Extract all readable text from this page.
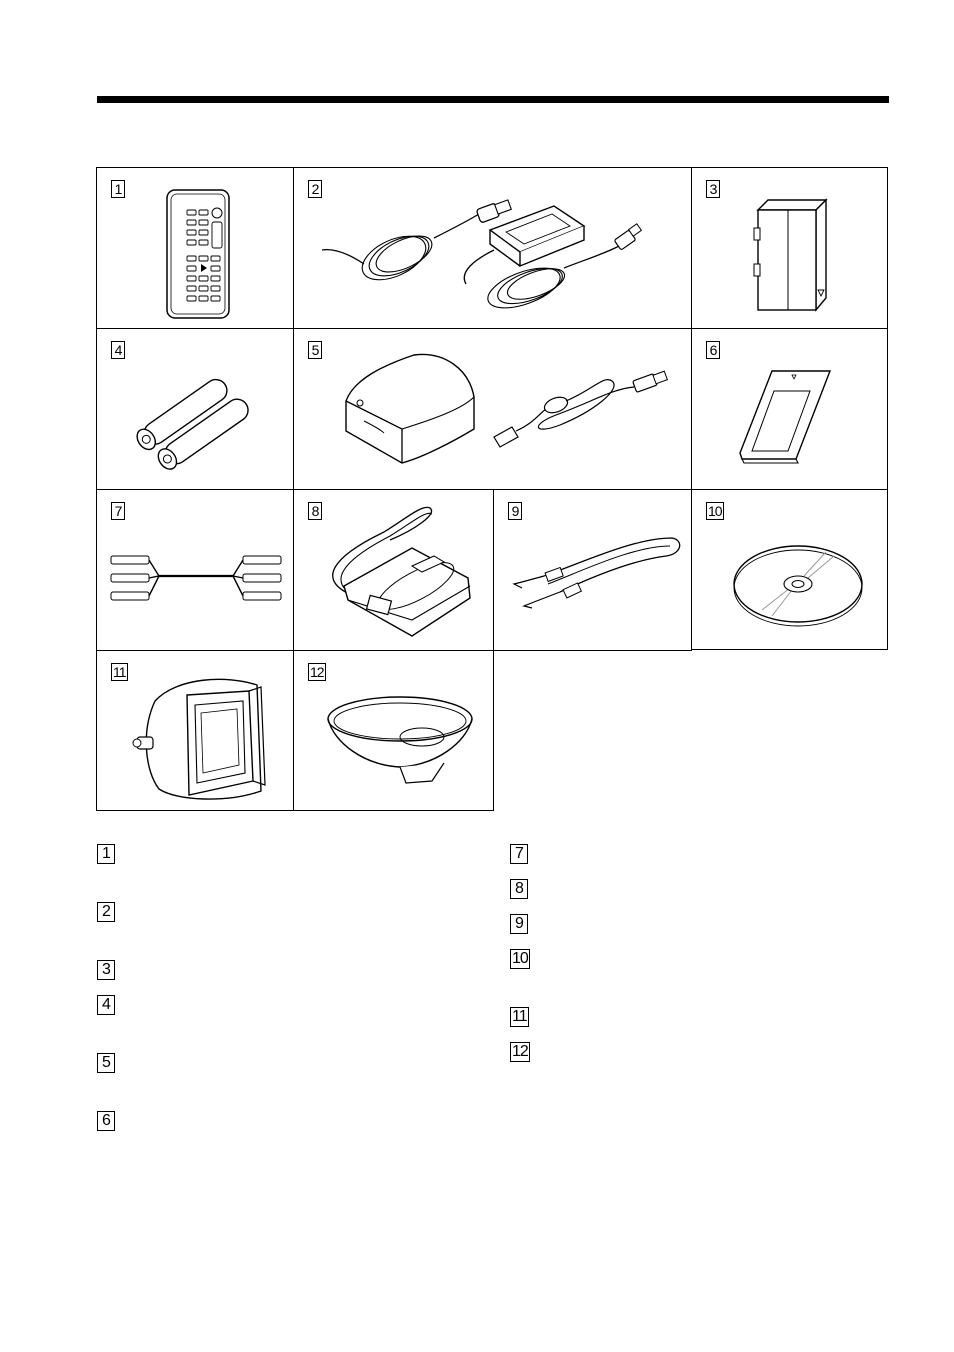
1	2	3
4	5	6
7	8	9	10
11	12
1
2
3
4
5
6
7
8
9
10
11
12
